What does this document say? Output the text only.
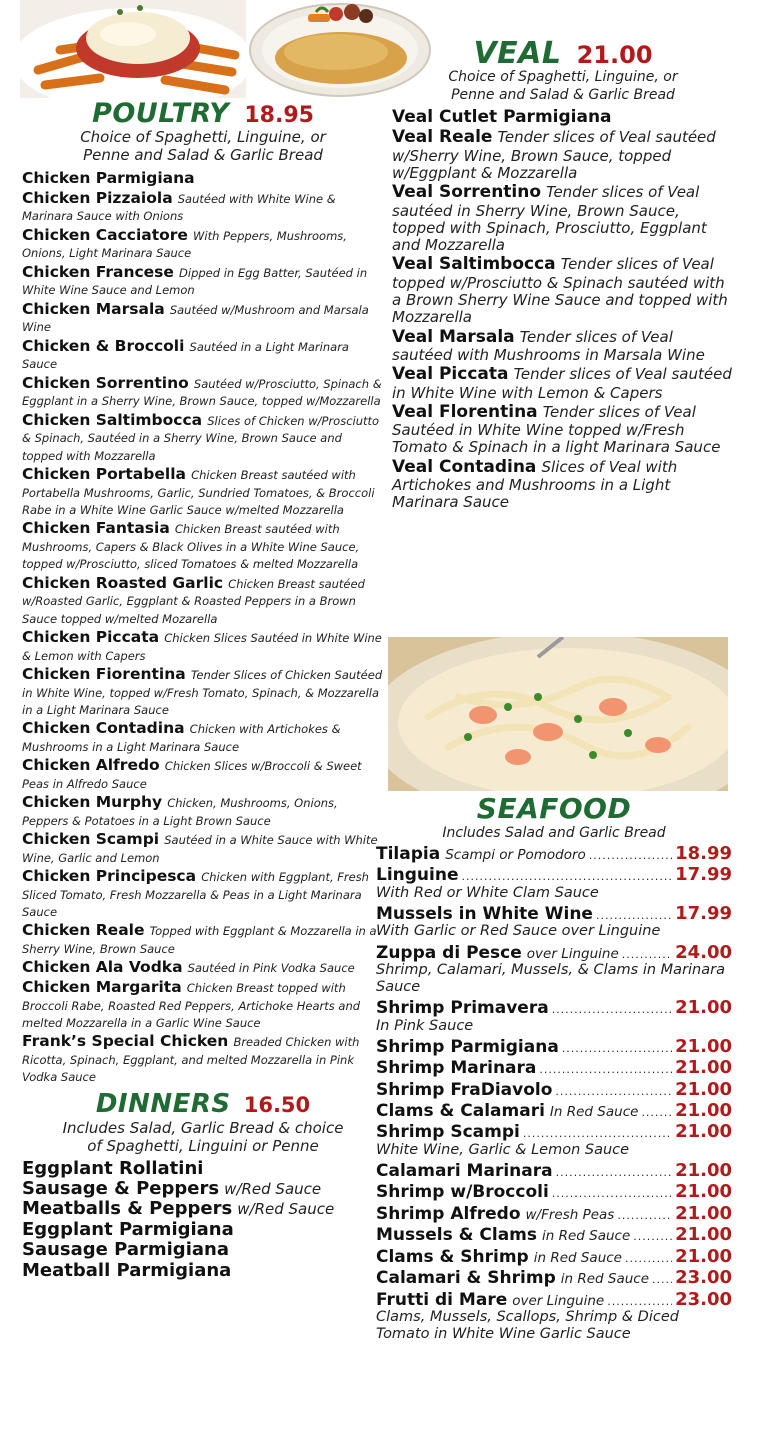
POULTRY 18.95
Choice of Spaghetti, Linguine, or
Penne and Salad & Garlic Bread
Chicken Parmigiana
Chicken Pizzaiola Sautéed with White Wine & Marinara Sauce with Onions
Chicken Cacciatore With Peppers, Mushrooms, Onions, Light Marinara Sauce
Chicken Francese Dipped in Egg Batter, Sautéed in White Wine Sauce and Lemon
Chicken Marsala Sautéed w/Mushroom and Marsala Wine
Chicken & Broccoli Sautéed in a Light Marinara Sauce
Chicken Sorrentino Sautéed w/Prosciutto, Spinach & Eggplant in a Sherry Wine, Brown Sauce, topped w/Mozzarella
Chicken Saltimbocca Slices of Chicken w/Prosciutto & Spinach, Sautéed in a Sherry Wine, Brown Sauce and topped with Mozzarella
Chicken Portabella Chicken Breast sautéed with Portabella Mushrooms, Garlic, Sundried Tomatoes, & Broccoli Rabe in a White Wine Garlic Sauce w/melted Mozzarella
Chicken Fantasia Chicken Breast sautéed with Mushrooms, Capers & Black Olives in a White Wine Sauce, topped w/Prosciutto, sliced Tomatoes & melted Mozzarella
Chicken Roasted Garlic Chicken Breast sautéed w/Roasted Garlic, Eggplant & Roasted Peppers in a Brown Sauce topped w/melted Mozarella
Chicken Piccata Chicken Slices Sautéed in White Wine & Lemon with Capers
Chicken Fiorentina Tender Slices of Chicken Sautéed in White Wine, topped w/Fresh Tomato, Spinach, & Mozzarella in a Light Marinara Sauce
Chicken Contadina Chicken with Artichokes & Mushrooms in a Light Marinara Sauce
Chicken Alfredo Chicken Slices w/Broccoli & Sweet Peas in Alfredo Sauce
Chicken Murphy Chicken, Mushrooms, Onions, Peppers & Potatoes in a Light Brown Sauce
Chicken Scampi Sautéed in a White Sauce with White Wine, Garlic and Lemon
Chicken Principesca Chicken with Eggplant, Fresh Sliced Tomato, Fresh Mozzarella & Peas in a Light Marinara Sauce
Chicken Reale Topped with Eggplant & Mozzarella in a Sherry Wine, Brown Sauce
Chicken Ala Vodka Sautéed in Pink Vodka Sauce
Chicken Margarita Chicken Breast topped with Broccoli Rabe, Roasted Red Peppers, Artichoke Hearts and melted Mozzarella in a Garlic Wine Sauce
Frank’s Special Chicken Breaded Chicken with Ricotta, Spinach, Eggplant, and melted Mozzarella in Pink Vodka Sauce
DINNERS 16.50
Includes Salad, Garlic Bread & choice
of Spaghetti, Linguini or Penne
Eggplant Rollatini
Sausage & Peppers w/Red Sauce
Meatballs & Peppers w/Red Sauce
Eggplant Parmigiana
Sausage Parmigiana
Meatball Parmigiana
VEAL 21.00
Choice of Spaghetti, Linguine, or
Penne and Salad & Garlic Bread
Veal Cutlet Parmigiana
Veal Reale Tender slices of Veal sautéed w/Sherry Wine, Brown Sauce, topped w/Eggplant & Mozzarella
Veal Sorrentino Tender slices of Veal sautéed in Sherry Wine, Brown Sauce, topped with Spinach, Prosciutto, Eggplant and Mozzarella
Veal Saltimbocca Tender slices of Veal topped w/Prosciutto & Spinach sautéed with a Brown Sherry Wine Sauce and topped with Mozzarella
Veal Marsala Tender slices of Veal sautéed with Mushrooms in Marsala Wine
Veal Piccata Tender slices of Veal sautéed in White Wine with Lemon & Capers
Veal Florentina Tender slices of Veal Sautéed in White Wine topped w/Fresh Tomato & Spinach in a light Marinara Sauce
Veal Contadina Slices of Veal with Artichokes and Mushrooms in a Light Marinara Sauce
SEAFOOD
Includes Salad and Garlic Bread
Tilapia Scampi or Pomodoro .....	18.99
Linguine .....	17.99
With Red or White Clam Sauce
Mussels in White Wine .....	17.99
With Garlic or Red Sauce over Linguine
Zuppa di Pesce over Linguine .....	24.00
Shrimp, Calamari, Mussels, & Clams in Marinara Sauce
Shrimp Primavera .....	21.00
In Pink Sauce
Shrimp Parmigiana .....	21.00
Shrimp Marinara .....	21.00
Shrimp FraDiavolo .....	21.00
Clams & Calamari In Red Sauce ..... 21.00
Shrimp Scampi .....	21.00
White Wine, Garlic & Lemon Sauce
Calamari Marinara .....	21.00
Shrimp w/Broccoli .....	21.00
Shrimp Alfredo w/Fresh Peas .....	21.00
Mussels & Clams in Red Sauce ..... 21.00
Clams & Shrimp in Red Sauce .....	21.00
Calamari & Shrimp in Red Sauce ..... 23.00
Frutti di Mare over Linguine .....	23.00
Clams, Mussels, Scallops, Shrimp & Diced Tomato in White Wine Garlic Sauce
